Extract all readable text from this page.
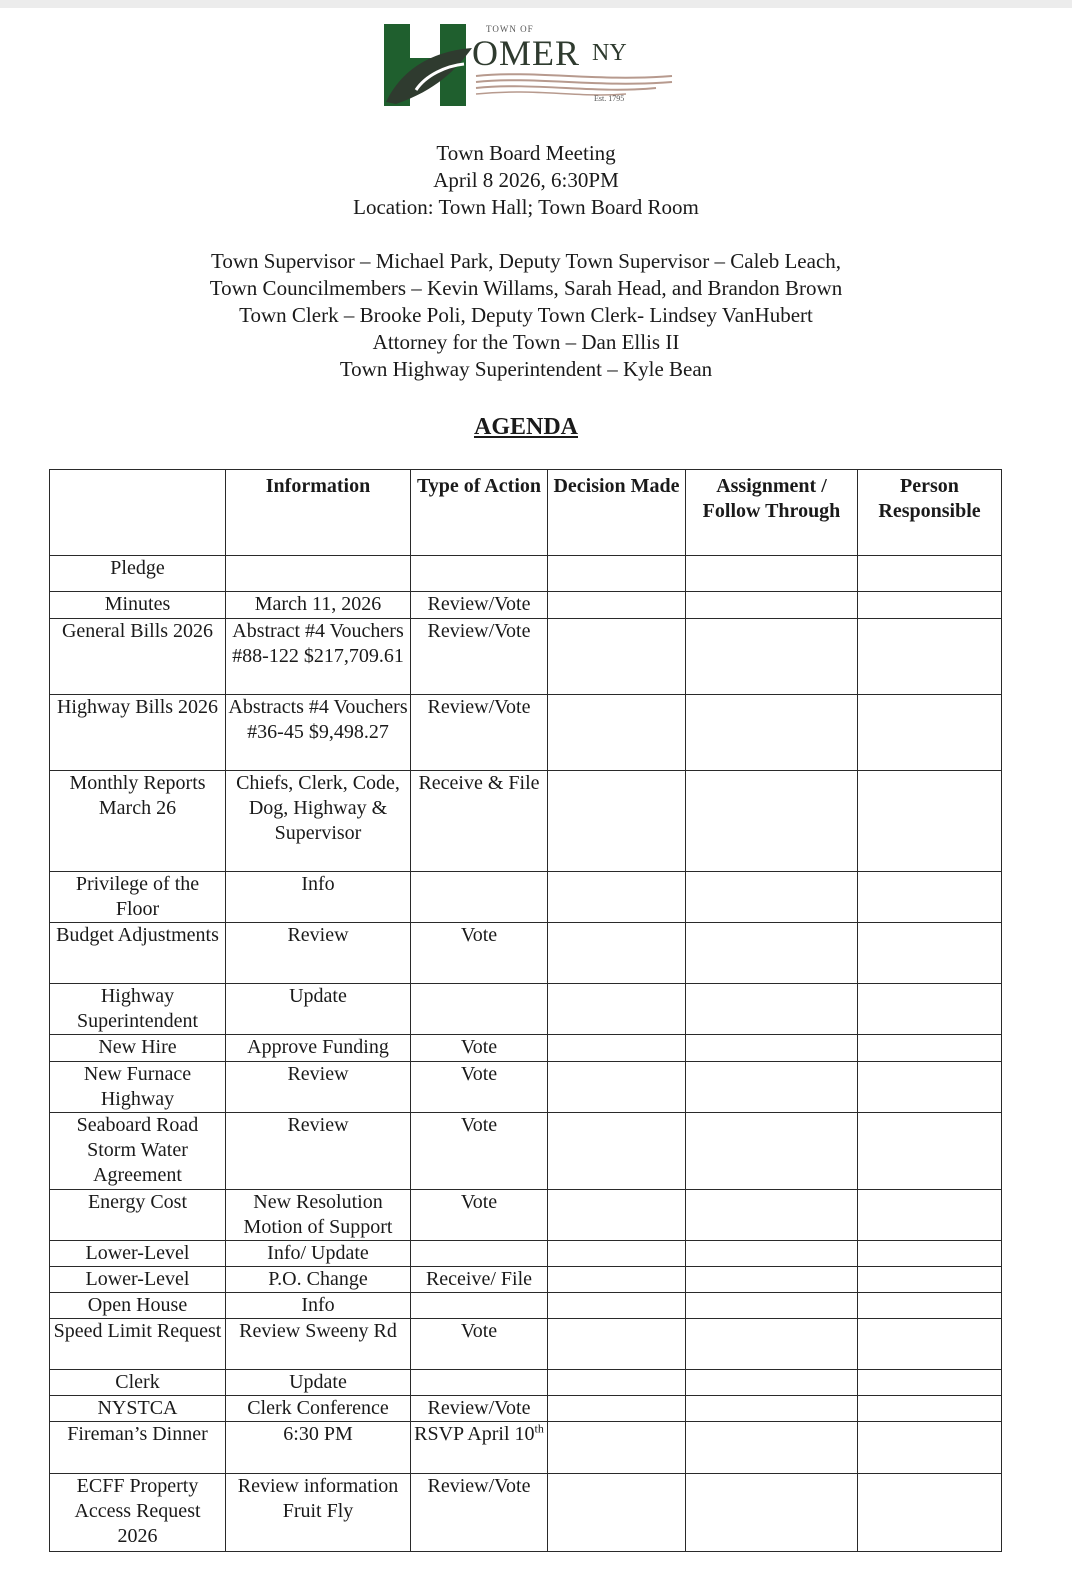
TOWN OF
OMER NY
Est. 1795
Town Board Meeting
April 8 2026, 6:30PM
Location: Town Hall; Town Board Room
Town Supervisor – Michael Park, Deputy Town Supervisor – Caleb Leach,
Town Councilmembers – Kevin Willams, Sarah Head, and Brandon Brown
Town Clerk – Brooke Poli, Deputy Town Clerk- Lindsey VanHubert
Attorney for the Town – Dan Ellis II
Town Highway Superintendent – Kyle Bean
AGENDA
	Information	Type of Action	Decision Made	Assignment / Follow Through	Person Responsible
Pledge					
Minutes	March 11, 2026	Review/Vote			
General Bills 2026	Abstract #4 Vouchers #88-122 $217,709.61	Review/Vote			
Highway Bills 2026	Abstracts #4 Vouchers #36-45 $9,498.27	Review/Vote			
Monthly Reports March 26	Chiefs, Clerk, Code, Dog, Highway & Supervisor	Receive & File			
Privilege of the Floor	Info				
Budget Adjustments	Review	Vote			
Highway Superintendent	Update				
New Hire	Approve Funding	Vote			
New Furnace Highway	Review	Vote			
Seaboard Road Storm Water Agreement	Review	Vote			
Energy Cost	New Resolution Motion of Support	Vote			
Lower-Level	Info/ Update				
Lower-Level	P.O. Change	Receive/ File			
Open House	Info				
Speed Limit Request	Review Sweeny Rd	Vote			
Clerk	Update				
NYSTCA	Clerk Conference	Review/Vote			
Fireman’s Dinner	6:30 PM	RSVP April 10th			
ECFF Property Access Request 2026	Review information Fruit Fly	Review/Vote			
